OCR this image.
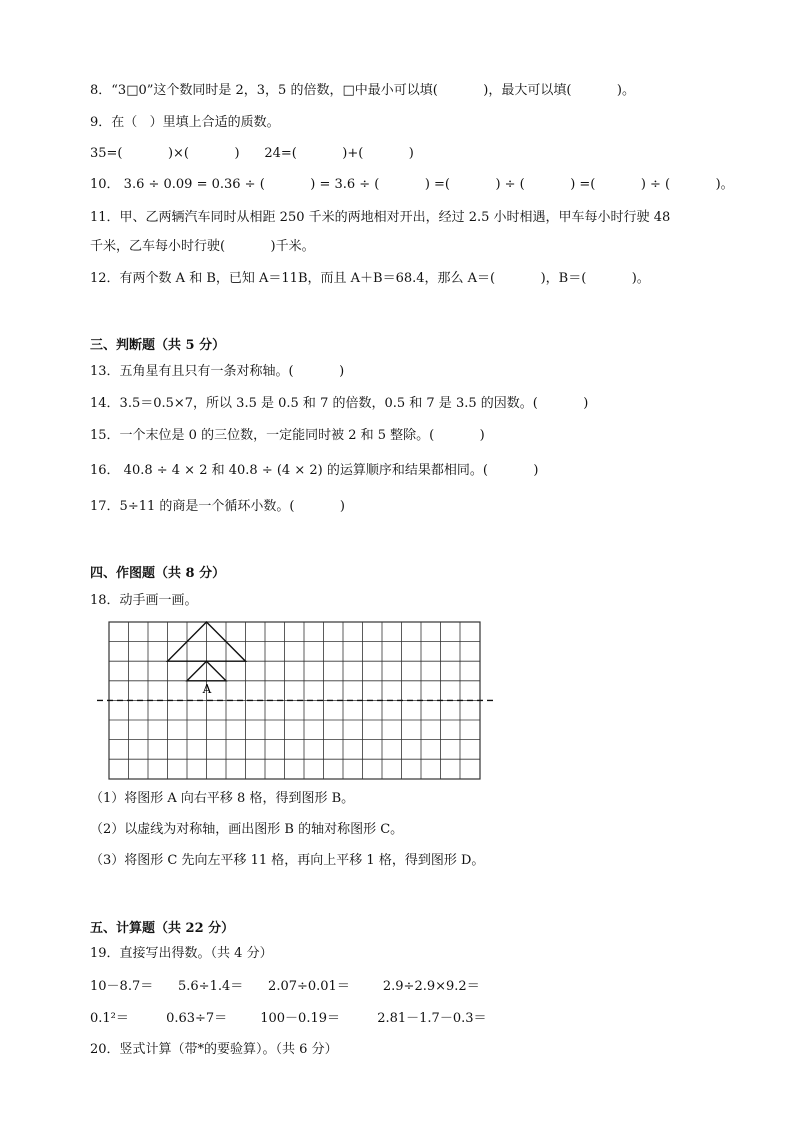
8．“3□0”这个数同时是 2，3，5 的倍数，□中最小可以填(           )，最大可以填(           )。
9．在（   ）里填上合适的质数。
35=(           )×(           )      24=(           )+(           )
10． 3.6 ÷ 0.09 = 0.36 ÷ (           ) = 3.6 ÷ (           ) =(           ) ÷ (           ) =(           ) ÷ (           )。
11．甲、乙两辆汽车同时从相距 250 千米的两地相对开出，经过 2.5 小时相遇，甲车每小时行驶 48
千米，乙车每小时行驶(           )千米。
12．有两个数 A 和 B，已知 A＝11B，而且 A＋B＝68.4，那么 A＝(           )，B＝(           )。
三、判断题（共 5 分）
13．五角星有且只有一条对称轴。(           )
14．3.5＝0.5×7，所以 3.5 是 0.5 和 7 的倍数，0.5 和 7 是 3.5 的因数。(           )
15．一个末位是 0 的三位数，一定能同时被 2 和 5 整除。(           )
16． 40.8 ÷ 4 × 2 和 40.8 ÷ (4 × 2) 的运算顺序和结果都相同。(           )
17．5÷11 的商是一个循环小数。(           )
四、作图题（共 8 分）
18．动手画一画。
A
（1）将图形 A 向右平移 8 格，得到图形 B。
（2）以虚线为对称轴，画出图形 B 的轴对称图形 C。
（3）将图形 C 先向左平移 11 格，再向上平移 1 格，得到图形 D。
五、计算题（共 22 分）
19．直接写出得数。（共 4 分）
10－8.7＝      5.6÷1.4＝      2.07÷0.01＝        2.9÷2.9×9.2＝
0.1²＝         0.63÷7＝        100－0.19＝         2.81－1.7－0.3＝
20．竖式计算（带*的要验算）。（共 6 分）
